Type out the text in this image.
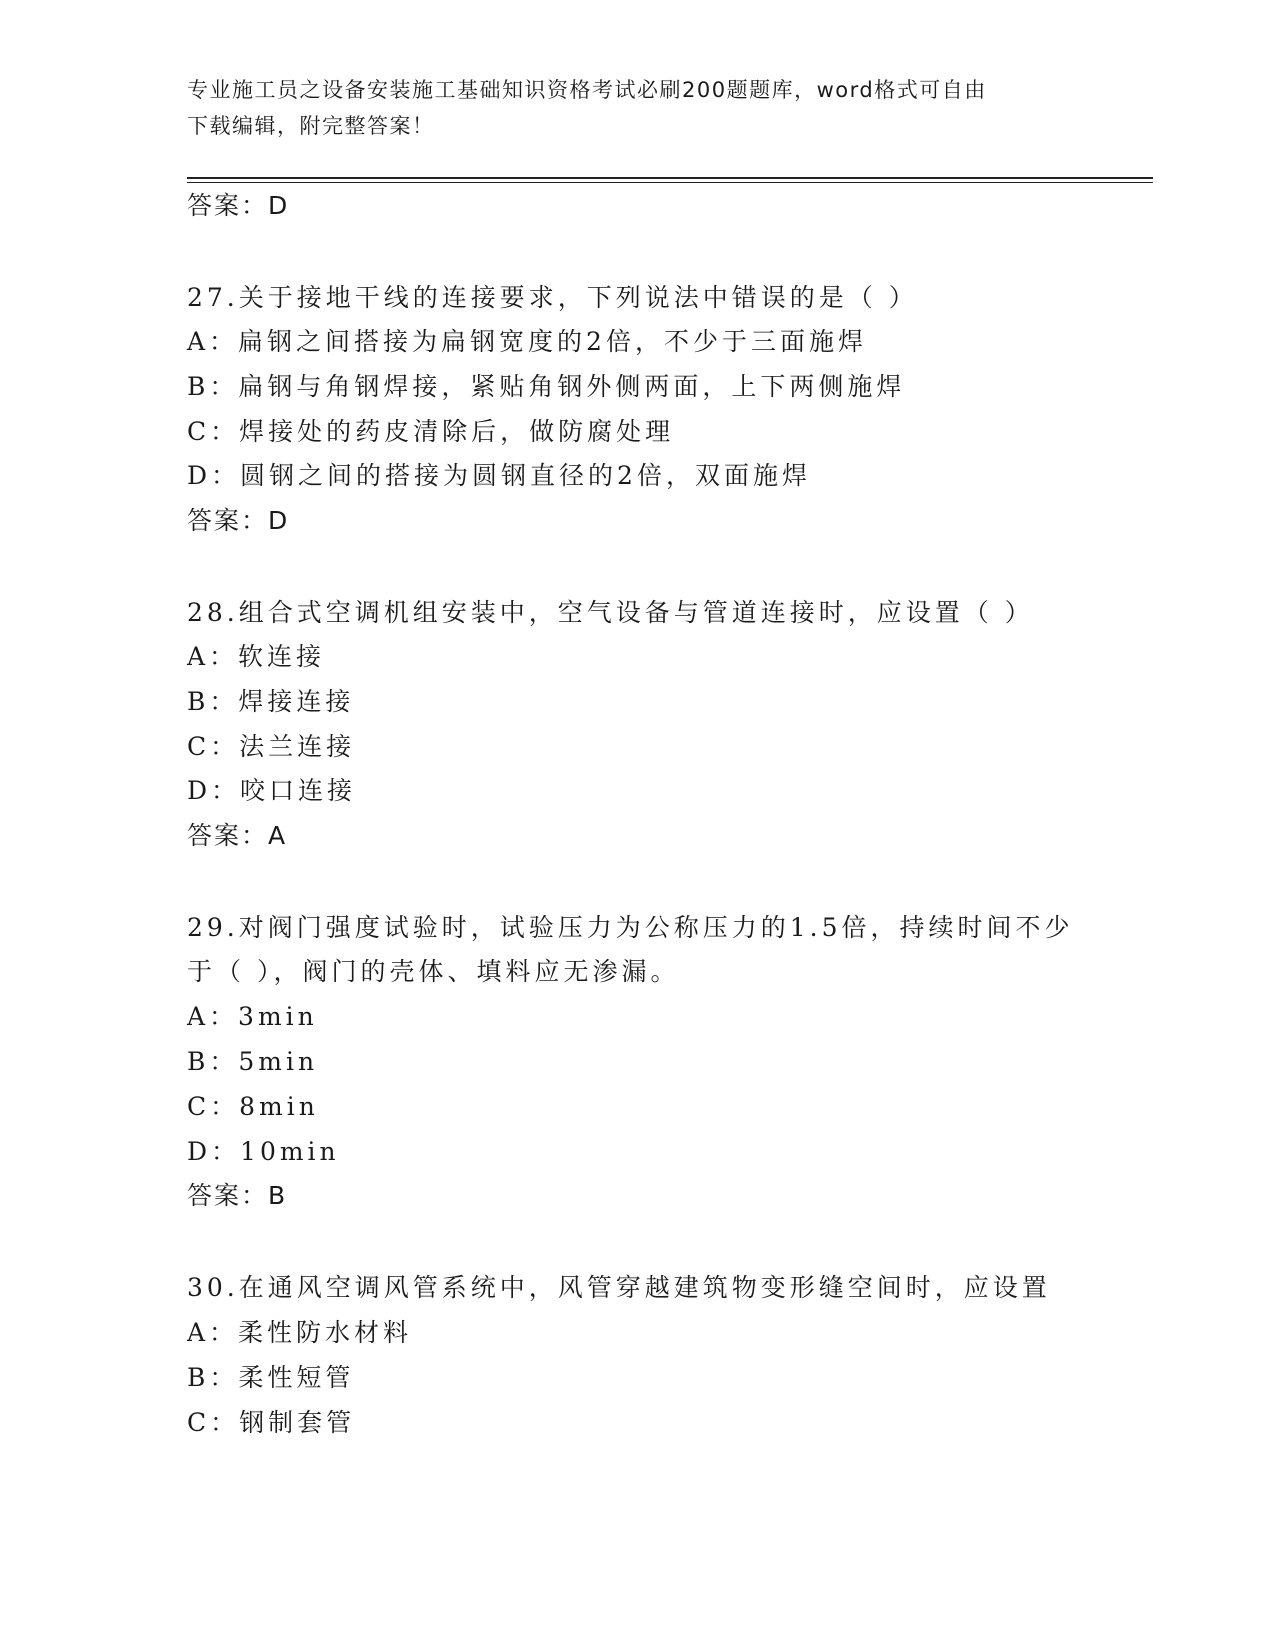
专业施工员之设备安装施工基础知识资格考试必刷200题题库，word格式可自由
下载编辑，附完整答案！
答案：D
27.关于接地干线的连接要求，下列说法中错误的是（ ）
A：扁钢之间搭接为扁钢宽度的2倍，不少于三面施焊
B：扁钢与角钢焊接，紧贴角钢外侧两面，上下两侧施焊
C：焊接处的药皮清除后，做防腐处理
D：圆钢之间的搭接为圆钢直径的2倍，双面施焊
答案：D
28.组合式空调机组安装中，空气设备与管道连接时，应设置（ ）
A：软连接
B：焊接连接
C：法兰连接
D：咬口连接
答案：A
29.对阀门强度试验时，试验压力为公称压力的1.5倍，持续时间不少
于（ ），阀门的壳体、填料应无渗漏。
A：3min
B：5min
C：8min
D：10min
答案：B
30.在通风空调风管系统中，风管穿越建筑物变形缝空间时，应设置
A：柔性防水材料
B：柔性短管
C：钢制套管
